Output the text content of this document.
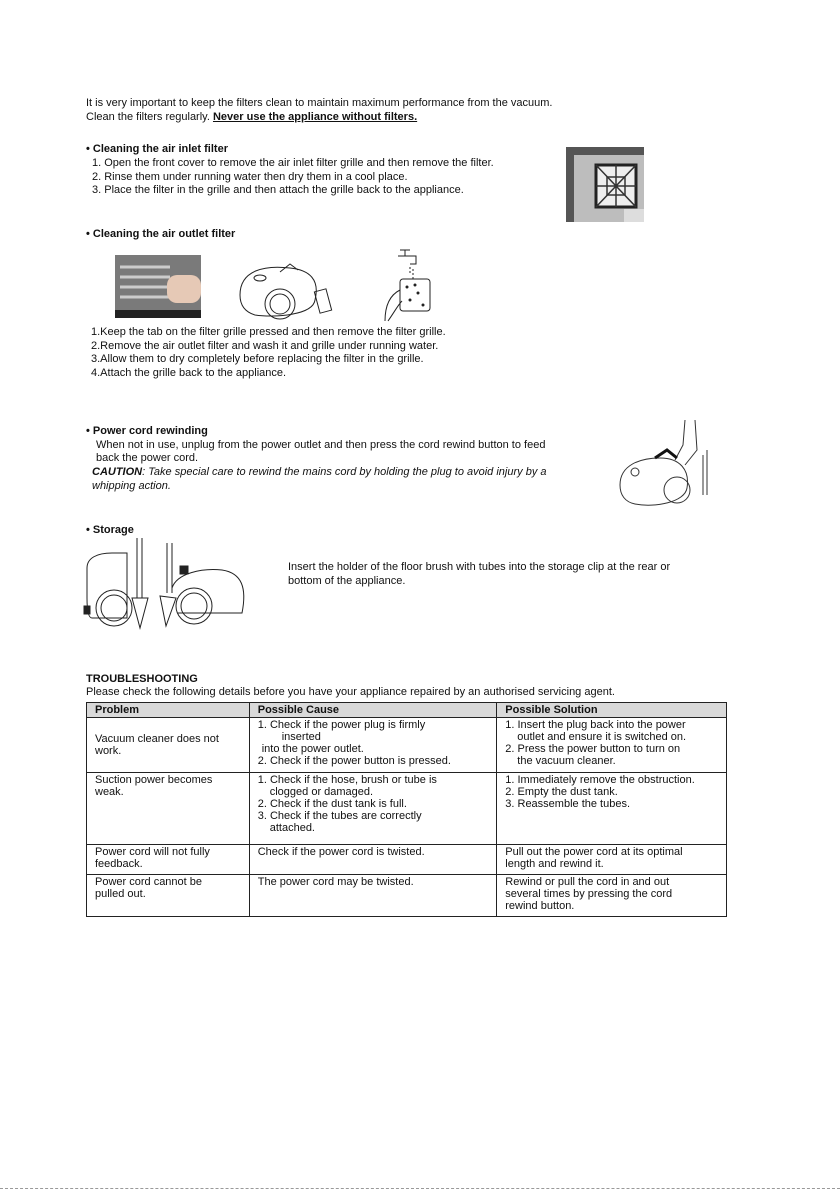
It is very important to keep the filters clean to maintain maximum performance from the vacuum.
Clean the filters regularly. Never use the appliance without filters.
• Cleaning the air inlet filter
1. Open the front cover to remove the air inlet filter grille and then remove the filter.
2. Rinse them under running water then dry them in a cool place.
3. Place the filter in the grille and then attach the grille back to the appliance.
• Cleaning the air outlet filter
1.Keep the tab on the filter grille pressed and then remove the filter grille.
2.Remove the air outlet filter and wash it and grille under running water.
3.Allow them to dry completely before replacing the filter in the grille.
4.Attach the grille back to the appliance.
• Power cord rewinding
When not in use, unplug from the power outlet and then press the cord rewind button to feed
back the power cord.
CAUTION: Take special care to rewind the mains cord by holding the plug to avoid injury by a
whipping action.
• Storage
Insert the holder of the floor brush with tubes into the storage clip at the rear or
bottom of the appliance.
TROUBLESHOOTING
Please check the following details before you have your appliance repaired by an authorised servicing agent.
Problem	Possible Cause	Possible Solution

Vacuum cleaner does not
work.	1. Check if the power plug is firmly
inserted
into the power outlet.
2. Check if the power button is pressed.	1. Insert the plug back into the power
outlet and ensure it is switched on.
2. Press the power button to turn on
the vacuum cleaner.

Suction power becomes
weak.	1. Check if the hose, brush or tube is
clogged or damaged.
2. Check if the dust tank is full.
3. Check if the tubes are correctly
attached.	1. Immediately remove the obstruction.
2. Empty the dust tank.
3. Reassemble the tubes.

Power cord will not fully
feedback.	Check if the power cord is twisted.	Pull out the power cord at its optimal
length and rewind it.

Power cord cannot be
pulled out.	The power cord may be twisted.	Rewind or pull the cord in and out
several times by pressing the cord
rewind button.
